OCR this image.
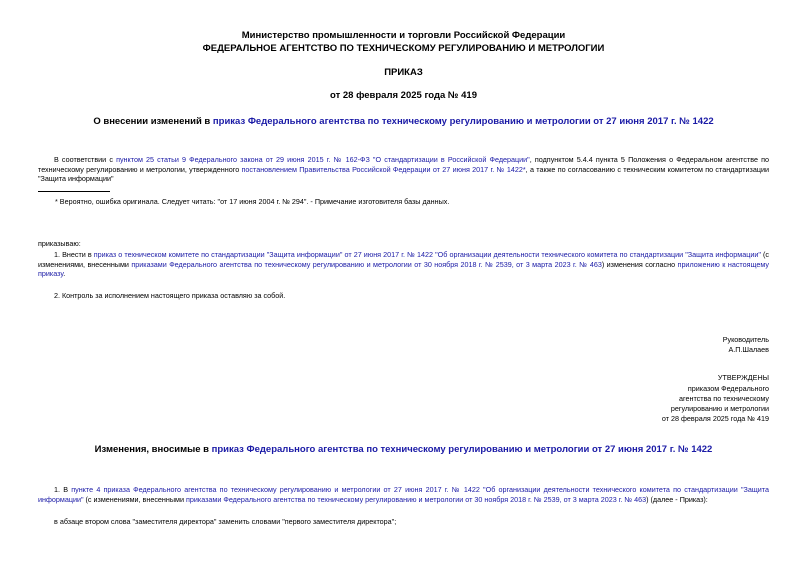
Министерство промышленности и торговли Российской Федерации
ФЕДЕРАЛЬНОЕ АГЕНТСТВО ПО ТЕХНИЧЕСКОМУ РЕГУЛИРОВАНИЮ И МЕТРОЛОГИИ
ПРИКАЗ
от 28 февраля 2025 года № 419
О внесении изменений в приказ Федерального агентства по техническому регулированию и метрологии от 27 июня 2017 г. № 1422
В соответствии с пунктом 25 статьи 9 Федерального закона от 29 июня 2015 г. № 162-ФЗ "О стандартизации в Российской Федерации", подпунктом 5.4.4 пункта 5 Положения о Федеральном агентстве по техническому регулированию и метрологии, утвержденного постановлением Правительства Российской Федерации от 27 июня 2017 г. № 1422*, а также по согласованию с техническим комитетом по стандартизации "Защита информации"
* Вероятно, ошибка оригинала. Следует читать: "от 17 июня 2004 г. № 294". - Примечание изготовителя базы данных.
приказываю:
1. Внести в приказ о техническом комитете по стандартизации "Защита информации" от 27 июня 2017 г. № 1422 "Об организации деятельности технического комитета по стандартизации "Защита информации" (с изменениями, внесенными приказами Федерального агентства по техническому регулированию и метрологии от 30 ноября 2018 г. № 2539, от 3 марта 2023 г. № 463) изменения согласно приложению к настоящему приказу.
2. Контроль за исполнением настоящего приказа оставляю за собой.
Руководитель
А.П.Шалаев
УТВЕРЖДЕНЫ
приказом Федерального
агентства по техническому
регулированию и метрологии
от 28 февраля 2025 года № 419
Изменения, вносимые в приказ Федерального агентства по техническому регулированию и метрологии от 27 июня 2017 г. № 1422
1. В пункте 4 приказа Федерального агентства по техническому регулированию и метрологии от 27 июня 2017 г. № 1422 "Об организации деятельности технического комитета по стандартизации "Защита информации" (с изменениями, внесенными приказами Федерального агентства по техническому регулированию и метрологии от 30 ноября 2018 г. № 2539, от 3 марта 2023 г. № 463) (далее - Приказ):
в абзаце втором слова "заместителя директора" заменить словами "первого заместителя директора";
